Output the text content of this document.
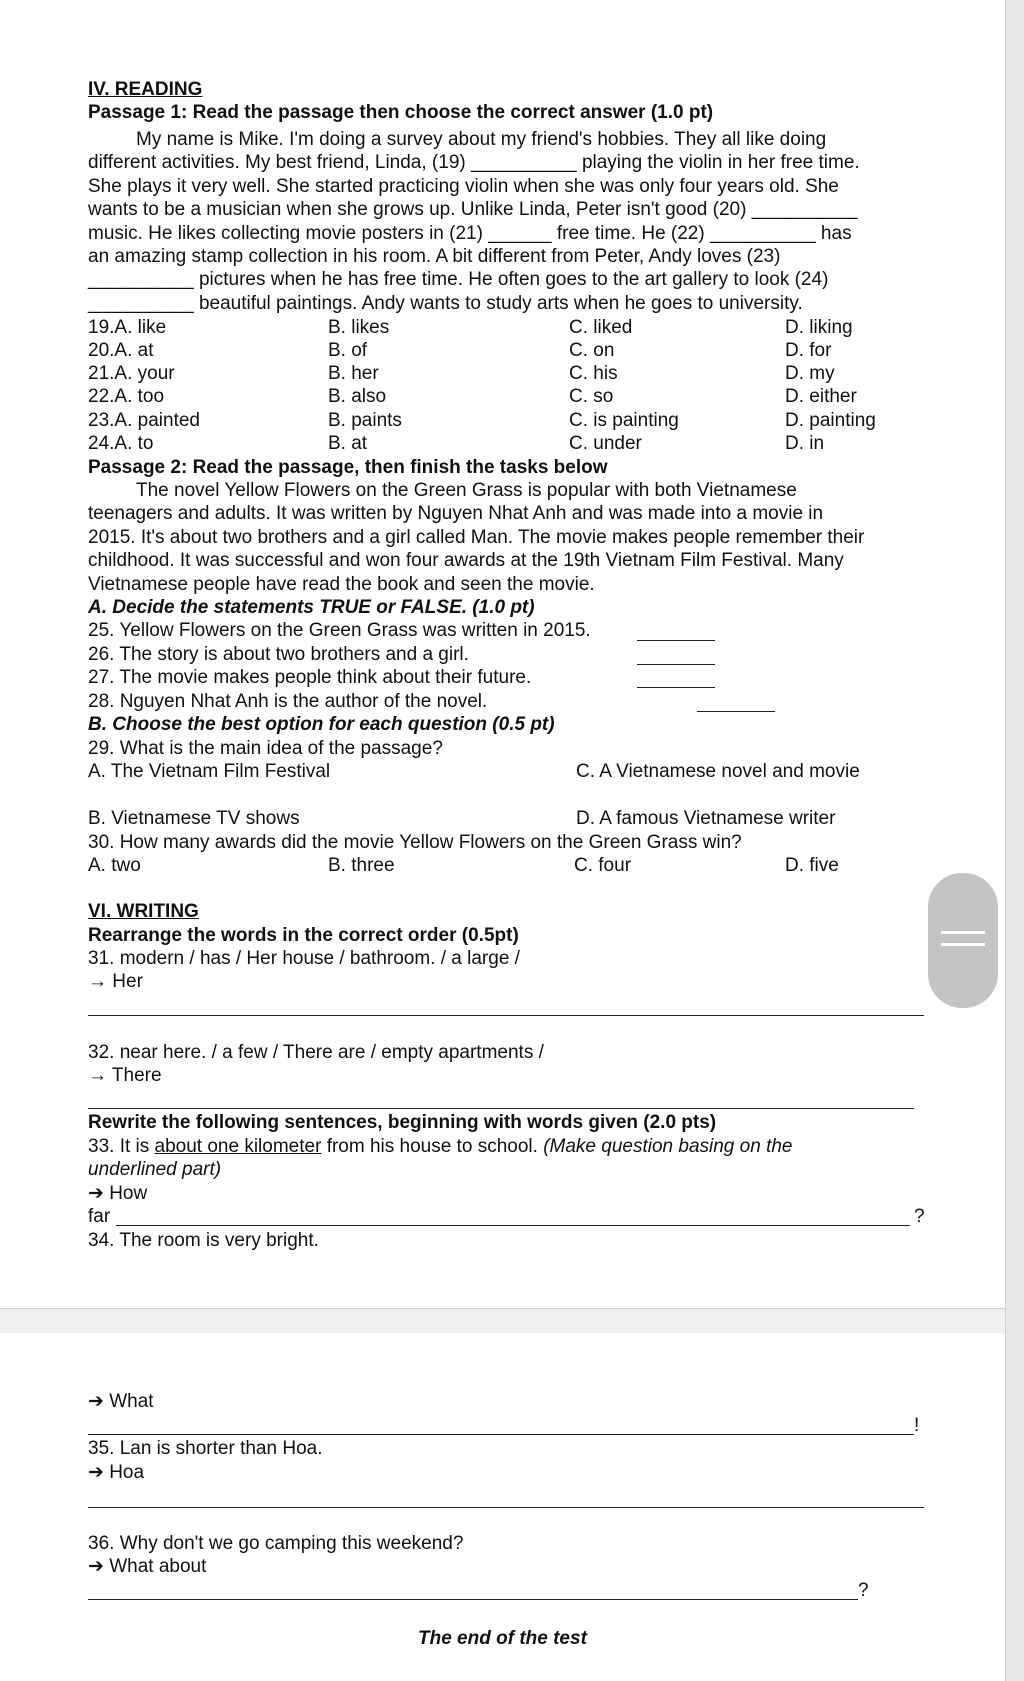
IV. READING
Passage 1: Read the passage then choose the correct answer (1.0 pt)

My name is Mike. I'm doing a survey about my friend's hobbies. They all like doing

different activities. My best friend, Linda, (19) __________ playing the violin in her free time.
She plays it very well. She started practicing violin when she was only four years old. She
wants to be a musician when she grows up. Unlike Linda, Peter isn't good (20) __________
music. He likes collecting movie posters in (21) ______ free time. He (22) __________ has
an amazing stamp collection in his room. A bit different from Peter, Andy loves (23)
__________ pictures when he has free time. He often goes to the art gallery to look (24)
__________ beautiful paintings. Andy wants to study arts when he goes to university.
19.A. like	B. likes	C. liked	D. liking
20.A. at	B. of	C. on	D. for
21.A. your	B. her	C. his	D. my
22.A. too	B. also	C. so	D. either
23.A. painted	B. paints	C. is painting	D. painting
24.A. to	B. at	C. under	D. in
Passage 2: Read the passage, then finish the tasks below

The novel Yellow Flowers on the Green Grass is popular with both Vietnamese

teenagers and adults. It was written by Nguyen Nhat Anh and was made into a movie in
2015. It's about two brothers and a girl called Man. The movie makes people remember their
childhood. It was successful and won four awards at the 19th Vietnam Film Festival. Many
Vietnamese people have read the book and seen the movie.
A. Decide the statements TRUE or FALSE. (1.0 pt)
25. Yellow Flowers on the Green Grass was written in 2015.
26. The story is about two brothers and a girl.
27. The movie makes people think about their future.
28. Nguyen Nhat Anh is the author of the novel.
B. Choose the best option for each question (0.5 pt)
29. What is the main idea of the passage?
A. The Vietnam Film Festival	C. A Vietnamese novel and movie
B. Vietnamese TV shows	D. A famous Vietnamese writer
30. How many awards did the movie Yellow Flowers on the Green Grass win?
A. two	B. three	C. four	D. five
VI. WRITING
Rearrange the words in the correct order (0.5pt)
31. modern / has / Her house / bathroom. / a large /
→ Her
32. near here. / a few / There are / empty apartments /
→ There
Rewrite the following sentences, beginning with words given (2.0 pts)
33. It is about one kilometer from his house to school. (Make question basing on the
underlined part)
➔ How
far	?
34. The room is very bright.
➔ What
!
35. Lan is shorter than Hoa.
➔ Hoa
36. Why don't we go camping this weekend?
➔ What about
?
The end of the test
